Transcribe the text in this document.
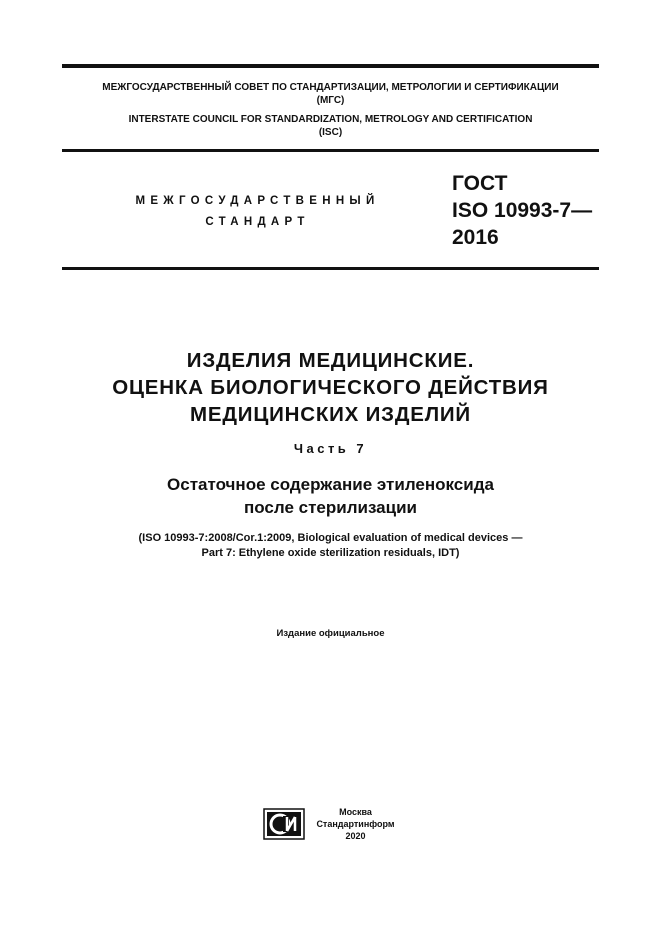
МЕЖГОСУДАРСТВЕННЫЙ СОВЕТ ПО СТАНДАРТИЗАЦИИ, МЕТРОЛОГИИ И СЕРТИФИКАЦИИ
(МГС)
INTERSTATE COUNCIL FOR STANDARDIZATION, METROLOGY AND CERTIFICATION
(ISC)
МЕЖГОСУДАРСТВЕННЫЙ
СТАНДАРТ
ГОСТ
ISO 10993-7—
2016
ИЗДЕЛИЯ МЕДИЦИНСКИЕ.
ОЦЕНКА БИОЛОГИЧЕСКОГО ДЕЙСТВИЯ
МЕДИЦИНСКИХ ИЗДЕЛИЙ
Часть 7
Остаточное содержание этиленоксида
после стерилизации
(ISO 10993-7:2008/Cor.1:2009, Biological evaluation of medical devices —
Part 7: Ethylene oxide sterilization residuals, IDT)
Издание официальное
Москва
Стандартинформ
2020
